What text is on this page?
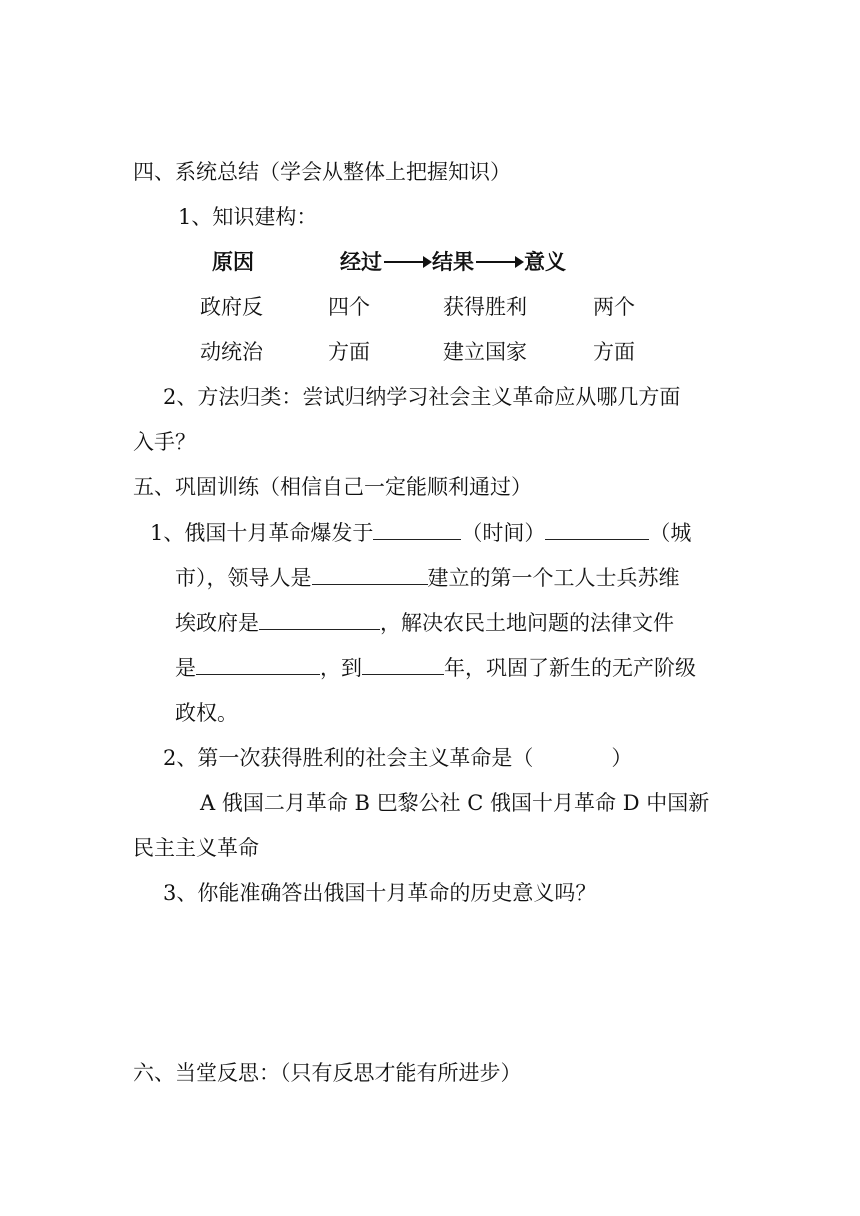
四、系统总结（学会从整体上把握知识）
1、知识建构：
原因	经过 结果 意义
政府反	四个	获得胜利	两个
动统治	方面	建立国家	方面
2、方法归类：尝试归纳学习社会主义革命应从哪几方面
入手？
五、巩固训练（相信自己一定能顺利通过）
1、俄国十月革命爆发于	（时间）	（城
市），领导人是	建立的第一个工人士兵苏维
埃政府是	，解决农民土地问题的法律文件
是	，到	年，巩固了新生的无产阶级
政权。
2、第一次获得胜利的社会主义革命是（	）
A 俄国二月革命 B 巴黎公社 C 俄国十月革命 D 中国新
民主主义革命
3、你能准确答出俄国十月革命的历史意义吗？
六、当堂反思：（只有反思才能有所进步）
